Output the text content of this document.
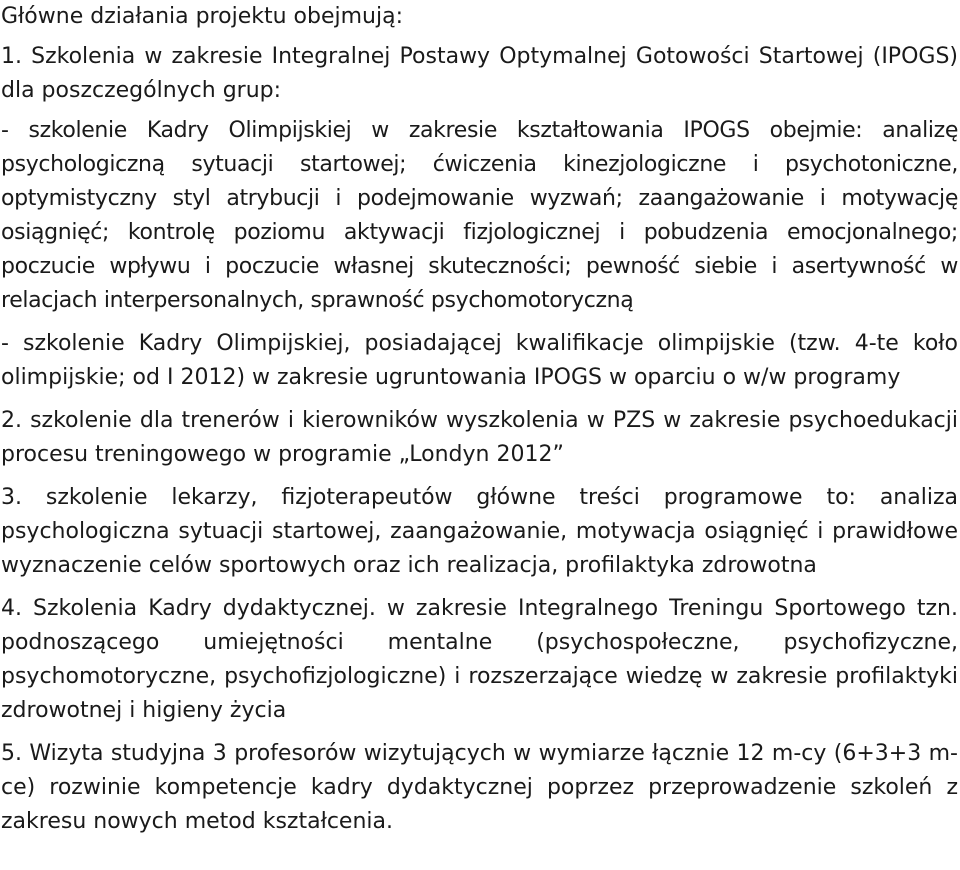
Główne działania projektu obejmują:

1. Szkolenia w zakresie Integralnej Postawy Optymalnej Gotowości Startowej (IPOGS) dla poszczególnych grup:

- szkolenie Kadry Olimpijskiej w zakresie kształtowania IPOGS obejmie: analizę psychologiczną sytuacji startowej; ćwiczenia kinezjologiczne i psychotoniczne, optymistyczny styl atrybucji i podejmowanie wyzwań; zaangażowanie i motywację osiągnięć; kontrolę poziomu aktywacji fizjologicznej i pobudzenia emocjonalnego; poczucie wpływu i poczucie własnej skuteczności; pewność siebie i asertywność w relacjach interpersonalnych, sprawność psychomotoryczną

- szkolenie Kadry Olimpijskiej, posiadającej kwalifikacje olimpijskie (tzw. 4-te koło olimpijskie; od I 2012) w zakresie ugruntowania IPOGS w oparciu o w/w programy

2. szkolenie dla trenerów i kierowników wyszkolenia w PZS w zakresie psychoedukacji procesu treningowego w programie „Londyn 2012”

3. szkolenie lekarzy, fizjoterapeutów główne treści programowe to: analiza psychologiczna sytuacji startowej, zaangażowanie, motywacja osiągnięć i prawidłowe wyznaczenie celów sportowych oraz ich realizacja, profilaktyka zdrowotna

4. Szkolenia Kadry dydaktycznej. w zakresie Integralnego Treningu Sportowego tzn. podnoszącego umiejętności mentalne (psychospołeczne, psychofizyczne, psychomotoryczne, psychofizjologiczne) i rozszerzające wiedzę w zakresie profilaktyki zdrowotnej i higieny życia

5. Wizyta studyjna 3 profesorów wizytujących w wymiarze łącznie 12 m-cy (6+3+3 m-ce) rozwinie kompetencje kadry dydaktycznej poprzez przeprowadzenie szkoleń z zakresu nowych metod kształcenia.
